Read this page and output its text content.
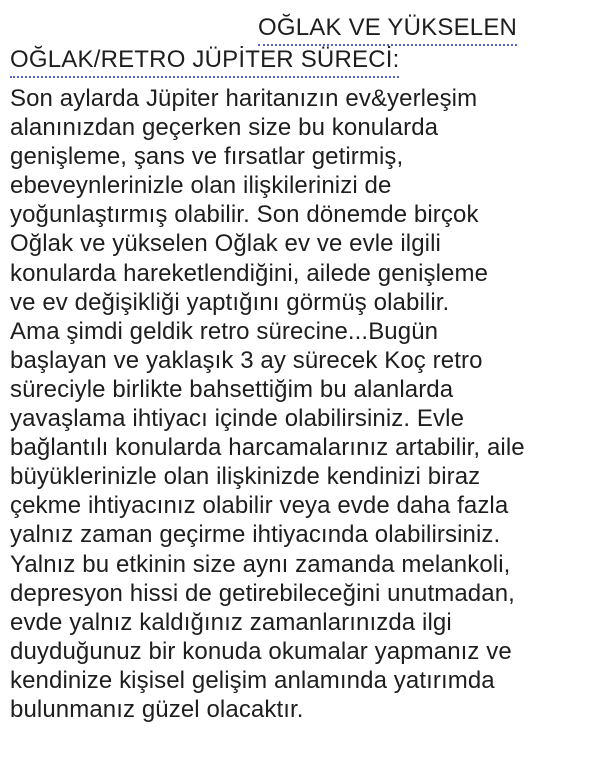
OĞLAK VE YÜKSELEN
OĞLAK/RETRO JÜPİTER SÜRECİ:
Son aylarda Jüpiter haritanızın ev&yerleşim
alanınızdan geçerken size bu konularda
genişleme, şans ve fırsatlar getirmiş,
ebeveynlerinizle olan ilişkilerinizi de
yoğunlaştırmış olabilir. Son dönemde birçok
Oğlak ve yükselen Oğlak ev ve evle ilgili
konularda hareketlendiğini, ailede genişleme
ve ev değişikliği yaptığını görmüş olabilir.
Ama şimdi geldik retro sürecine...Bugün
başlayan ve yaklaşık 3 ay sürecek Koç retro
süreciyle birlikte bahsettiğim bu alanlarda
yavaşlama ihtiyacı içinde olabilirsiniz. Evle
bağlantılı konularda harcamalarınız artabilir, aile
büyüklerinizle olan ilişkinizde kendinizi biraz
çekme ihtiyacınız olabilir veya evde daha fazla
yalnız zaman geçirme ihtiyacında olabilirsiniz.
Yalnız bu etkinin size aynı zamanda melankoli,
depresyon hissi de getirebileceğini unutmadan,
evde yalnız kaldığınız zamanlarınızda ilgi
duyduğunuz bir konuda okumalar yapmanız ve
kendinize kişisel gelişim anlamında yatırımda
bulunmanız güzel olacaktır.
